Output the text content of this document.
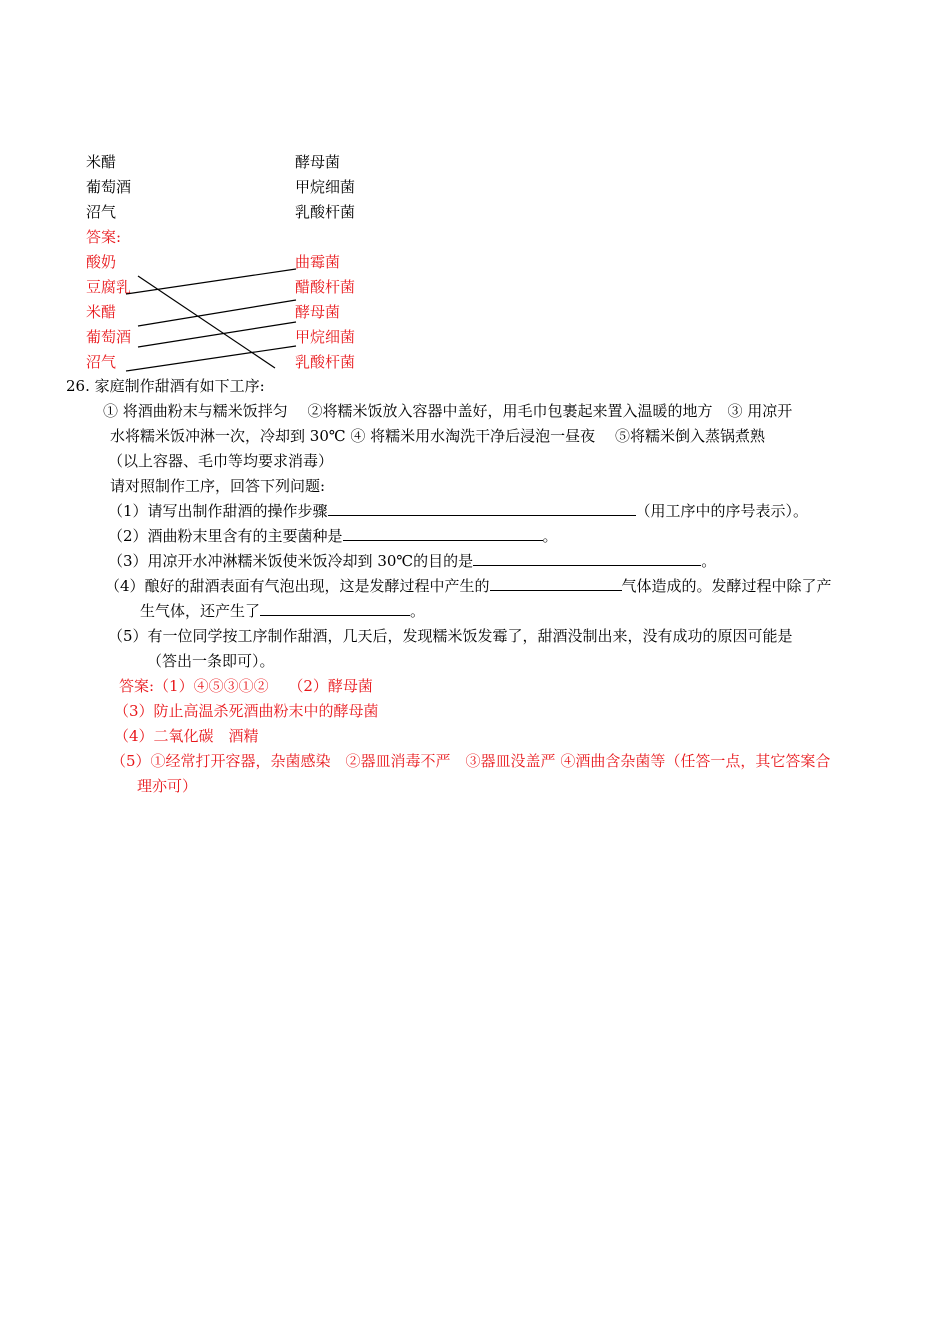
米醋	酵母菌
葡萄酒	甲烷细菌
沼气	乳酸杆菌
答案:
酸奶	曲霉菌
豆腐乳	醋酸杆菌
米醋	酵母菌
葡萄酒	甲烷细菌
沼气	乳酸杆菌
26. 家庭制作甜酒有如下工序:
① 将酒曲粉末与糯米饭拌匀　 ②将糯米饭放入容器中盖好，用毛巾包裹起来置入温暖的地方　③ 用凉开
水将糯米饭冲淋一次，冷却到 30℃ ④ 将糯米用水淘洗干净后浸泡一昼夜　 ⑤将糯米倒入蒸锅煮熟
（以上容器、毛巾等均要求消毒）
请对照制作工序，回答下列问题:
（1）请写出制作甜酒的操作步骤	（用工序中的序号表示）。
（2）酒曲粉末里含有的主要菌种是	。
（3）用凉开水冲淋糯米饭使米饭冷却到 30℃的目的是	。
（4）酿好的甜酒表面有气泡出现，这是发酵过程中产生的	气体造成的。发酵过程中除了产
生气体，还产生了	。
（5）有一位同学按工序制作甜酒，几天后，发现糯米饭发霉了，甜酒没制出来，没有成功的原因可能是
（答出一条即可）。
答案:（1）④⑤③①②　 （2）酵母菌
（3）防止高温杀死酒曲粉末中的酵母菌
（4）二氧化碳　酒精
（5）①经常打开容器，杂菌感染　②器皿消毒不严　③器皿没盖严 ④酒曲含杂菌等（任答一点，其它答案合
理亦可）
